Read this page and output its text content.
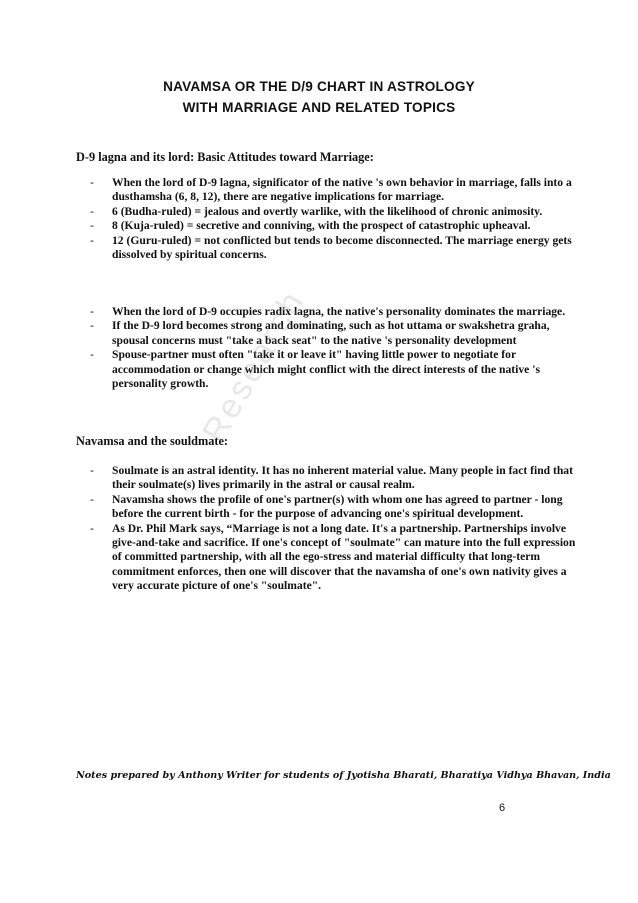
NAVAMSA OR THE D/9 CHART IN ASTROLOGY
WITH MARRIAGE AND RELATED TOPICS
D-9 lagna and its lord: Basic Attitudes toward Marriage:
- When the lord of D-9 lagna, significator of the native 's own behavior in marriage, falls into a dusthamsha (6, 8, 12), there are negative implications for marriage.
- 6 (Budha-ruled) = jealous and overtly warlike, with the likelihood of chronic animosity.
- 8 (Kuja-ruled) = secretive and conniving, with the prospect of catastrophic upheaval.
- 12 (Guru-ruled) = not conflicted but tends to become disconnected. The marriage energy gets dissolved by spiritual concerns.
- When the lord of D-9 occupies radix lagna, the native's personality dominates the marriage.
- If the D-9 lord becomes strong and dominating, such as hot uttama or swakshetra graha, spousal concerns must "take a back seat" to the native 's personality development
- Spouse-partner must often "take it or leave it" having little power to negotiate for accommodation or change which might conflict with the direct interests of the native 's personality growth.
Navamsa and the souldmate:
- Soulmate is an astral identity. It has no inherent material value. Many people in fact find that their soulmate(s) lives primarily in the astral or causal realm.
- Navamsha shows the profile of one's partner(s) with whom one has agreed to partner - long before the current birth - for the purpose of advancing one's spiritual development.
- As Dr. Phil Mark says, “Marriage is not a long date. It's a partnership. Partnerships involve give-and-take and sacrifice. If one's concept of "soulmate" can mature into the full expression of committed partnership, with all the ego-stress and material difficulty that long-term commitment enforces, then one will discover that the navamsha of one's own nativity gives a very accurate picture of one's "soulmate".
Research
Notes prepared by Anthony Writer for students of Jyotisha Bharati, Bharatiya Vidhya Bhavan, India
6
